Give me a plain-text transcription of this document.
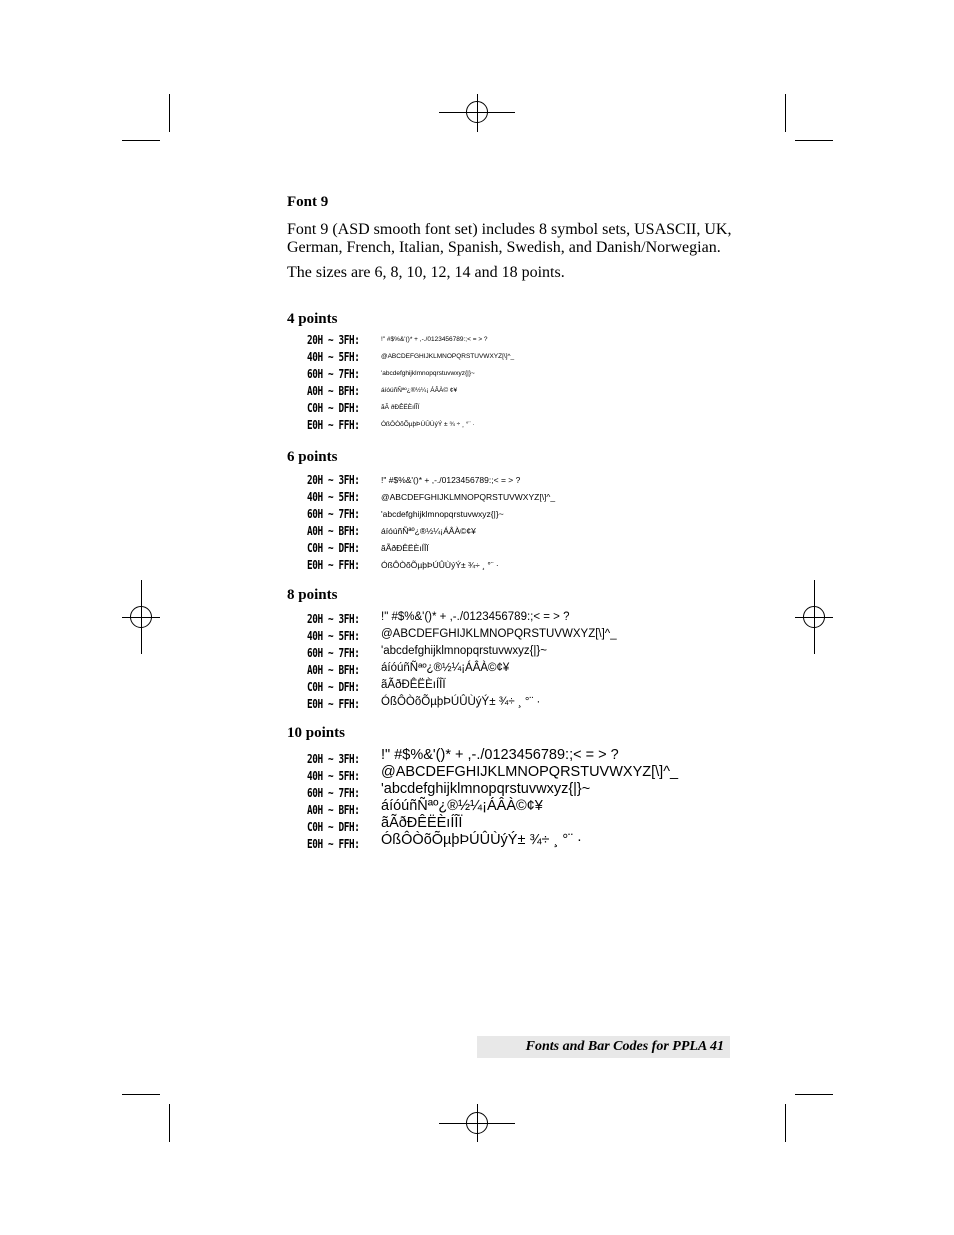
Font 9

Font 9 (ASD smooth font set) includes 8 symbol sets, USASCII, UK, German, French, Italian, Spanish, Swedish, and Danish/Norwegian.

The sizes are 6, 8, 10, 12, 14 and 18 points.

4 points
20H ~ 3FH:	!" #$%&'()* + ,-./0123456789:;< = > ?
40H ~ 5FH:	@ABCDEFGHIJKLMNOPQRSTUVWXYZ[\]^_
60H ~ 7FH:	'abcdefghijklmnopqrstuvwxyz{|}~
A0H ~ BFH:	áíóúñÑªº¿®½¼¡ ÁÂÀ© ¢¥
C0H ~ DFH:	ãÃ ðÐÊËÈıÍÎÏ
E0H ~ FFH:	ÓßÔÒõÕµþÞÚÛÙýÝ ± ¾ ÷ ¸ °¨ ·
6 points
20H ~ 3FH:	!" #$%&'()* + ,-./0123456789:;< = > ?
40H ~ 5FH:	@ABCDEFGHIJKLMNOPQRSTUVWXYZ[\]^_
60H ~ 7FH:	'abcdefghijklmnopqrstuvwxyz{|}~
A0H ~ BFH:	áíóúñÑªº¿®½¼¡ÁÂÀ©¢¥
C0H ~ DFH:	ãÃðÐÊËÈıÍÎÏ
E0H ~ FFH:	ÓßÔÒõÕµþÞÚÛÙýÝ± ¾÷ ¸ °¨ ·
8 points
20H ~ 3FH: !" #$%&'()* + ,-./0123456789:;< = > ?
40H ~ 5FH: @ABCDEFGHIJKLMNOPQRSTUVWXYZ[\]^_
60H ~ 7FH: 'abcdefghijklmnopqrstuvwxyz{|}~
A0H ~ BFH: áíóúñÑªº¿®½¼¡ÁÂÀ©¢¥
C0H ~ DFH: ãÃðÐÊËÈıÍÎÏ
E0H ~ FFH: ÓßÔÒõÕµþÞÚÛÙýÝ± ¾÷ ¸ °¨ ·
10 points
20H ~ 3FH: !" #$%&'()* + ,-./0123456789:;< = > ?
40H ~ 5FH: @ABCDEFGHIJKLMNOPQRSTUVWXYZ[\]^_
60H ~ 7FH: 'abcdefghijklmnopqrstuvwxyz{|}~
A0H ~ BFH: áíóúñÑªº¿®½¼¡ÁÂÀ©¢¥
C0H ~ DFH: ãÃðÐÊËÈıÍÎÏ
E0H ~ FFH: ÓßÔÒõÕµþÞÚÛÙýÝ± ¾÷ ¸ °¨ ·
Fonts and Bar Codes for PPLA 41
